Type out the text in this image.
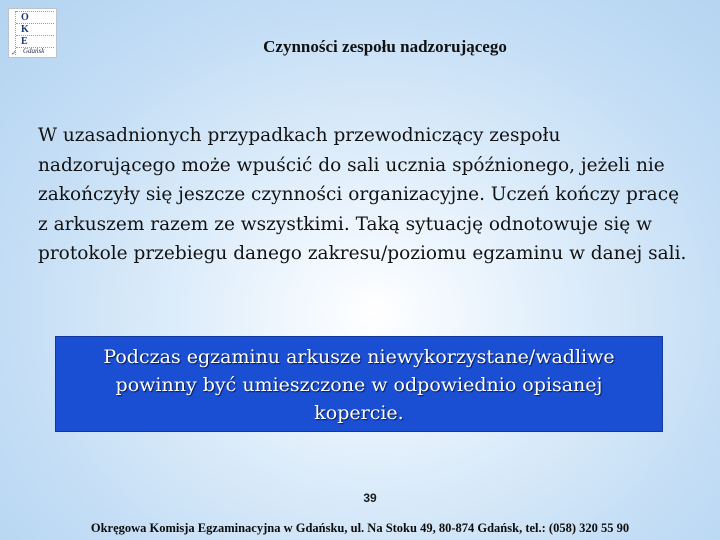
O
K
E
✓ Gdańsk	Czynności zespołu nadzorującego

W uzasadnionych przypadkach przewodniczący zespołu nadzorującego może wpuścić do sali ucznia spóźnionego, jeżeli nie zakończyły się jeszcze czynności organizacyjne. Uczeń kończy pracę z arkuszem razem ze wszystkimi. Taką sytuację odnotowuje się w protokole przebiegu danego zakresu/poziomu egzaminu w danej sali.

Podczas egzaminu arkusze niewykorzystane/wadliwe powinny być umieszczone w odpowiednio opisanej kopercie.

39
Okręgowa Komisja Egzaminacyjna w Gdańsku, ul. Na Stoku 49, 80-874 Gdańsk, tel.: (058) 320 55 90
